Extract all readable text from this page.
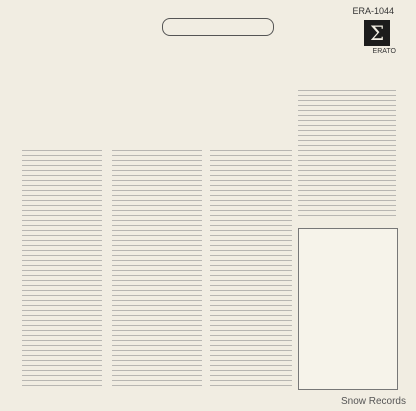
ERA-1044
Σ
ERATO
Snow Records
